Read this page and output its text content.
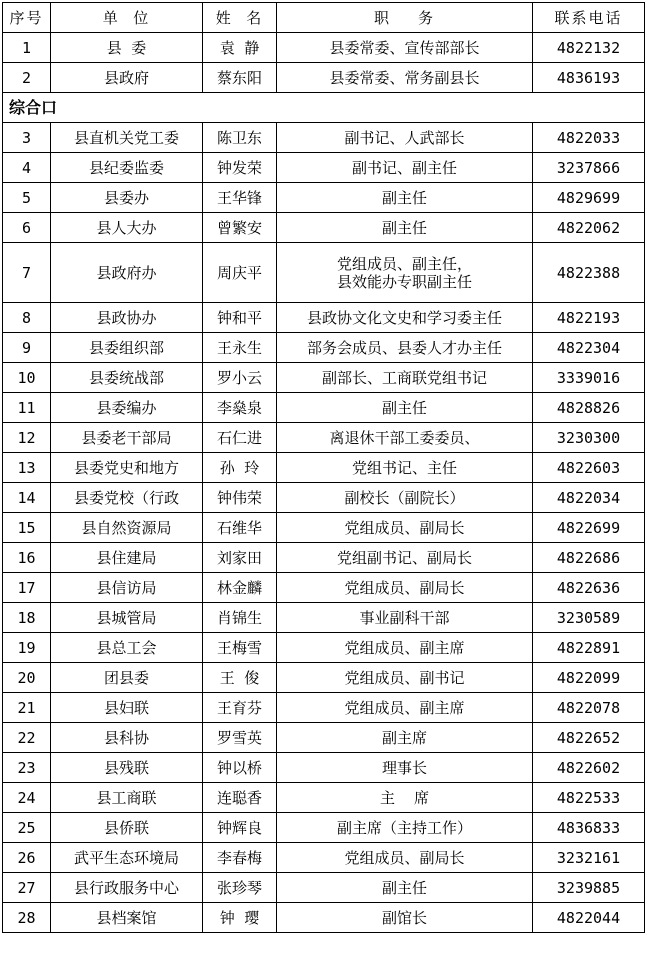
序号	单  位	姓  名	职    务	联系电话
1	县  委	袁  静	县委常委、宣传部部长	4822132
2	县政府	蔡东阳	县委常委、常务副县长	4836193
综合口				
3	县直机关党工委	陈卫东	副书记、人武部长	4822033
4	县纪委监委	钟发荣	副书记、副主任	3237866
5	县委办	王华锋	副主任	4829699
6	县人大办	曾繁安	副主任	4822062
7	县政府办	周庆平	党组成员、副主任，
县效能办专职副主任	4822388
8	县政协办	钟和平	县政协文化文史和学习委主任	4822193
9	县委组织部	王永生	部务会成员、县委人才办主任	4822304
10	县委统战部	罗小云	副部长、工商联党组书记	3339016
11	县委编办	李燊泉	副主任	4828826
12	县委老干部局	石仁进	离退休干部工委委员、	3230300
13	县委党史和地方	孙  玲	党组书记、主任	4822603
14	县委党校（行政	钟伟荣	副校长（副院长）	4822034
15	县自然资源局	石维华	党组成员、副局长	4822699
16	县住建局	刘家田	党组副书记、副局长	4822686
17	县信访局	林金麟	党组成员、副局长	4822636
18	县城管局	肖锦生	事业副科干部	3230589
19	县总工会	王梅雪	党组成员、副主席	4822891
20	团县委	王  俊	党组成员、副书记	4822099
21	县妇联	王育芬	党组成员、副主席	4822078
22	县科协	罗雪英	副主席	4822652
23	县残联	钟以桥	理事长	4822602
24	县工商联	连聪香	主    席	4822533
25	县侨联	钟辉良	副主席（主持工作）	4836833
26	武平生态环境局	李春梅	党组成员、副局长	3232161
27	县行政服务中心	张珍琴	副主任	3239885
28	县档案馆	钟  璎	副馆长	4822044
